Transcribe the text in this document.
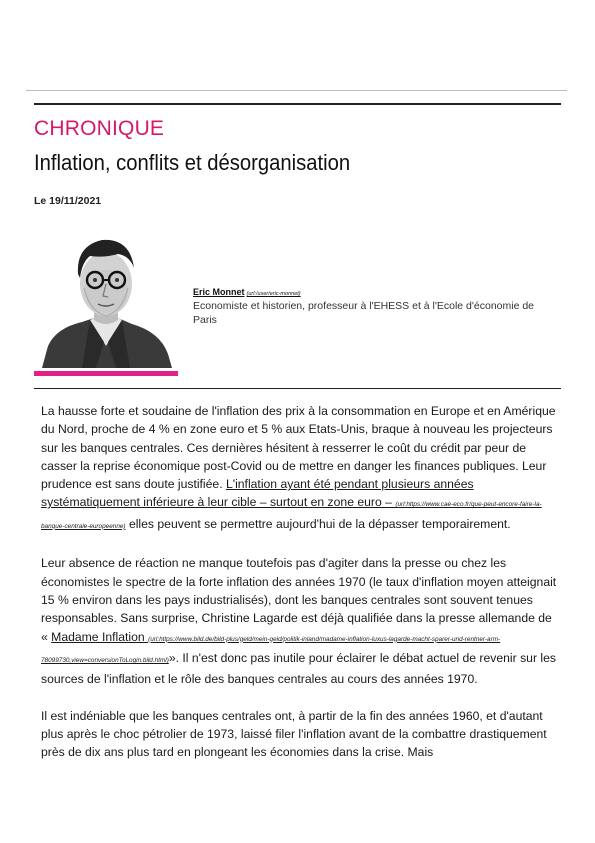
CHRONIQUE
Inflation, conflits et désorganisation
Le 19/11/2021
Eric Monnet (url:/user/eric-monnet)
Economiste et historien, professeur à l'EHESS et à l'Ecole d'économie de Paris

La hausse forte et soudaine de l'inflation des prix à la consommation en Europe et en Amérique du Nord, proche de 4 % en zone euro et 5 % aux Etats-Unis, braque à nouveau les projecteurs sur les banques centrales. Ces dernières hésitent à resserrer le coût du crédit par peur de casser la reprise économique post-Covid ou de mettre en danger les finances publiques. Leur prudence est sans doute justifiée. L'inflation ayant été pendant plusieurs années systématiquement inférieure à leur cible – surtout en zone euro – (url:https://www.cae-eco.fr/que-peut-encore-faire-la-banque-centrale-europeenne) elles peuvent se permettre aujourd'hui de la dépasser temporairement.

Leur absence de réaction ne manque toutefois pas d'agiter dans la presse ou chez les économistes le spectre de la forte inflation des années 1970 (le taux d'inflation moyen atteignait 15 % environ dans les pays industrialisés), dont les banques centrales sont souvent tenues responsables. Sans surprise, Christine Lagarde est déjà qualifiée dans la presse allemande de « Madame Inflation (url:https://www.bild.de/bild-plus/geld/mein-geld/politik-inland/madame-inflation-luxus-lagarde-macht-sparer-und-rentner-arm-78099730,view=conversionToLogin.bild.html)». Il n'est donc pas inutile pour éclairer le débat actuel de revenir sur les sources de l'inflation et le rôle des banques centrales au cours des années 1970.

Il est indéniable que les banques centrales ont, à partir de la fin des années 1960, et d'autant plus après le choc pétrolier de 1973, laissé filer l'inflation avant de la combattre drastiquement près de dix ans plus tard en plongeant les économies dans la crise. Mais
